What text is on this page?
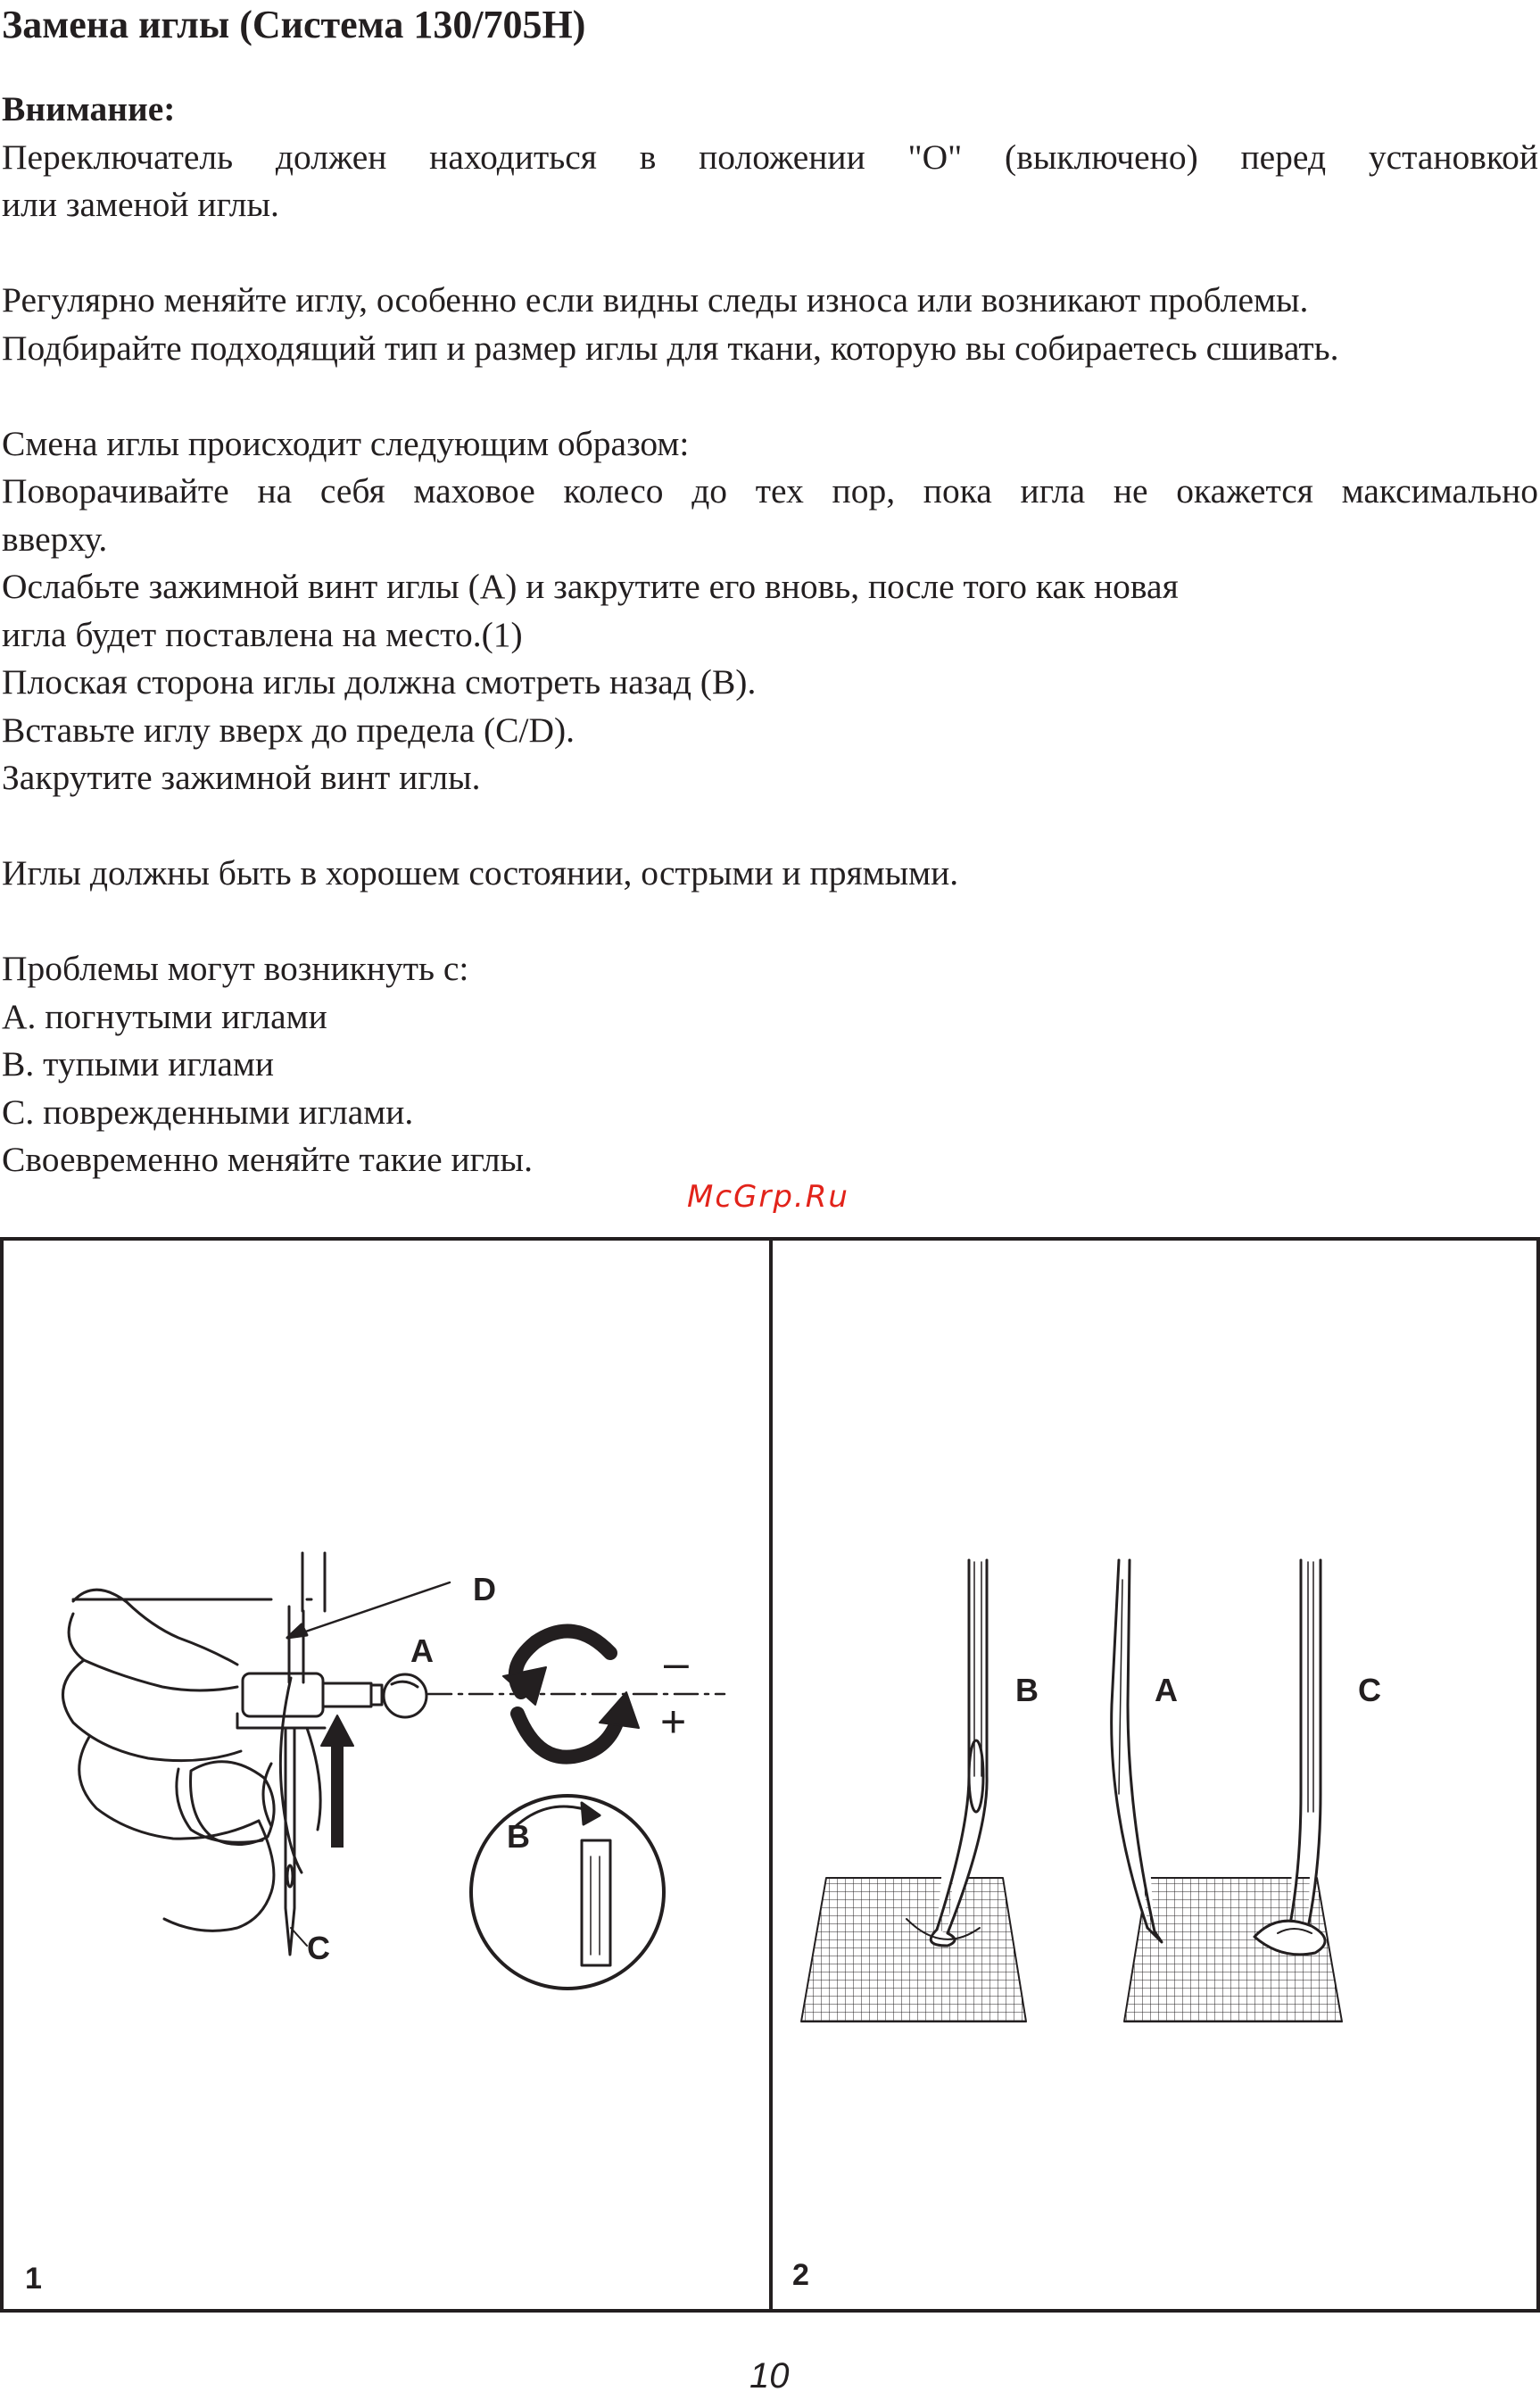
Замена иглы (Система 130/705Н)

Внимание:

Переключатель должен находиться в положении "O" (выключено) перед установкой

или заменой иглы.

Регулярно меняйте иглу, особенно если видны следы износа или возникают проблемы.

Подбирайте подходящий тип и размер иглы для ткани, которую вы собираетесь сшивать.

Смена иглы происходит следующим образом:

Поворачивайте на себя маховое колесо до тех пор, пока игла не окажется максимально

вверху.

Ослабьте зажимной винт иглы (А) и закрутите его вновь, после того как новая

игла будет поставлена на место.(1)

Плоская сторона иглы должна смотреть назад (B).

Вставьте иглу вверх до предела (C/D).

Закрутите зажимной винт иглы.

Иглы должны быть в хорошем состоянии, острыми и прямыми.

Проблемы могут возникнуть с:

А. погнутыми иглами

В. тупыми иглами

С. поврежденными иглами.

Своевременно меняйте такие иглы.

McGrp.Ru
D
A	–
+
B
C
1
B	A	C
2
10
